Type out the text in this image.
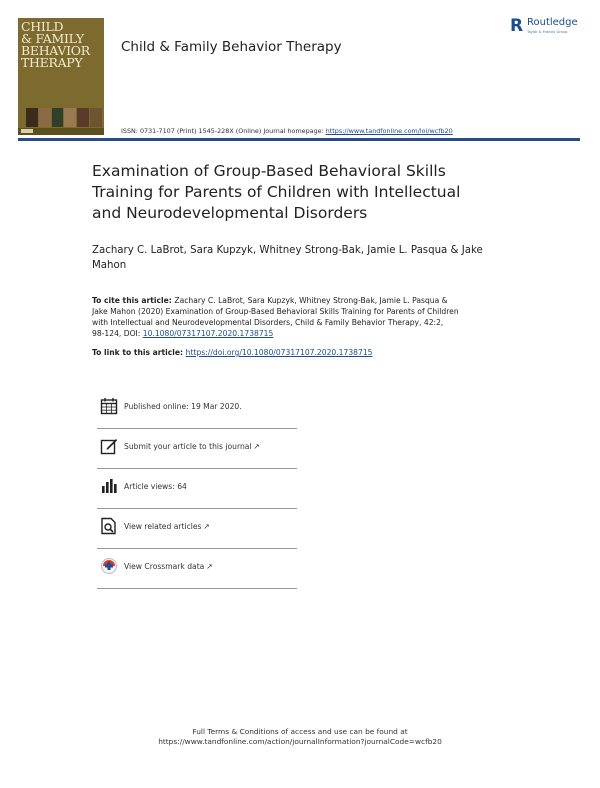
CHILD
& FAMILY
BEHAVIOR
THERAPY
Child & Family Behavior Therapy
R Routledge
Taylor & Francis Group
ISSN: 0731-7107 (Print) 1545-228X (Online) Journal homepage: https://www.tandfonline.com/loi/wcfb20
Examination of Group-Based Behavioral Skills
Training for Parents of Children with Intellectual
and Neurodevelopmental Disorders
Zachary C. LaBrot, Sara Kupzyk, Whitney Strong-Bak, Jamie L. Pasqua & Jake
Mahon
To cite this article: Zachary C. LaBrot, Sara Kupzyk, Whitney Strong-Bak, Jamie L. Pasqua &
Jake Mahon (2020) Examination of Group-Based Behavioral Skills Training for Parents of Children
with Intellectual and Neurodevelopmental Disorders, Child & Family Behavior Therapy, 42:2,
98-124, DOI: 10.1080/07317107.2020.1738715
To link to this article: https://doi.org/10.1080/07317107.2020.1738715
Published online: 19 Mar 2020.
Submit your article to this journal ↗
Article views: 64
View related articles ↗
View Crossmark data ↗
Full Terms & Conditions of access and use can be found at
https://www.tandfonline.com/action/journalInformation?journalCode=wcfb20
